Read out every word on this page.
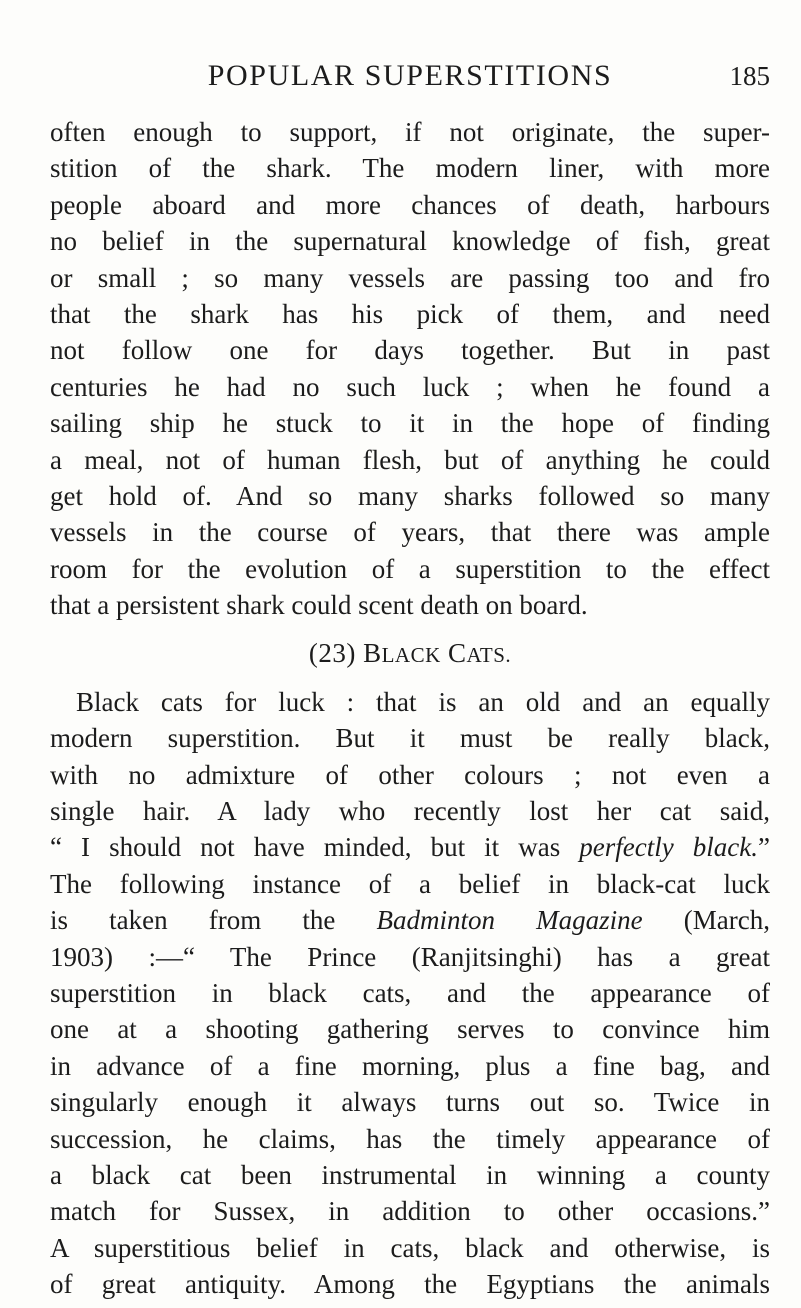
POPULAR SUPERSTITIONS	185
often enough to support, if not originate, the super-
stition of the shark. The modern liner, with more
people aboard and more chances of death, harbours
no belief in the supernatural knowledge of fish, great
or small ; so many vessels are passing too and fro
that the shark has his pick of them, and need
not follow one for days together. But in past
centuries he had no such luck ; when he found a
sailing ship he stuck to it in the hope of finding
a meal, not of human flesh, but of anything he could
get hold of. And so many sharks followed so many
vessels in the course of years, that there was ample
room for the evolution of a superstition to the effect
that a persistent shark could scent death on board.
(23) BLACK CATS.
Black cats for luck : that is an old and an equally
modern superstition. But it must be really black,
with no admixture of other colours ; not even a
single hair. A lady who recently lost her cat said,
“ I should not have minded, but it was perfectly black.”
The following instance of a belief in black-cat luck
is taken from the Badminton Magazine (March,
1903) :—“ The Prince (Ranjitsinghi) has a great
superstition in black cats, and the appearance of
one at a shooting gathering serves to convince him
in advance of a fine morning, plus a fine bag, and
singularly enough it always turns out so. Twice in
succession, he claims, has the timely appearance of
a black cat been instrumental in winning a county
match for Sussex, in addition to other occasions.”
A superstitious belief in cats, black and otherwise, is
of great antiquity. Among the Egyptians the animals
